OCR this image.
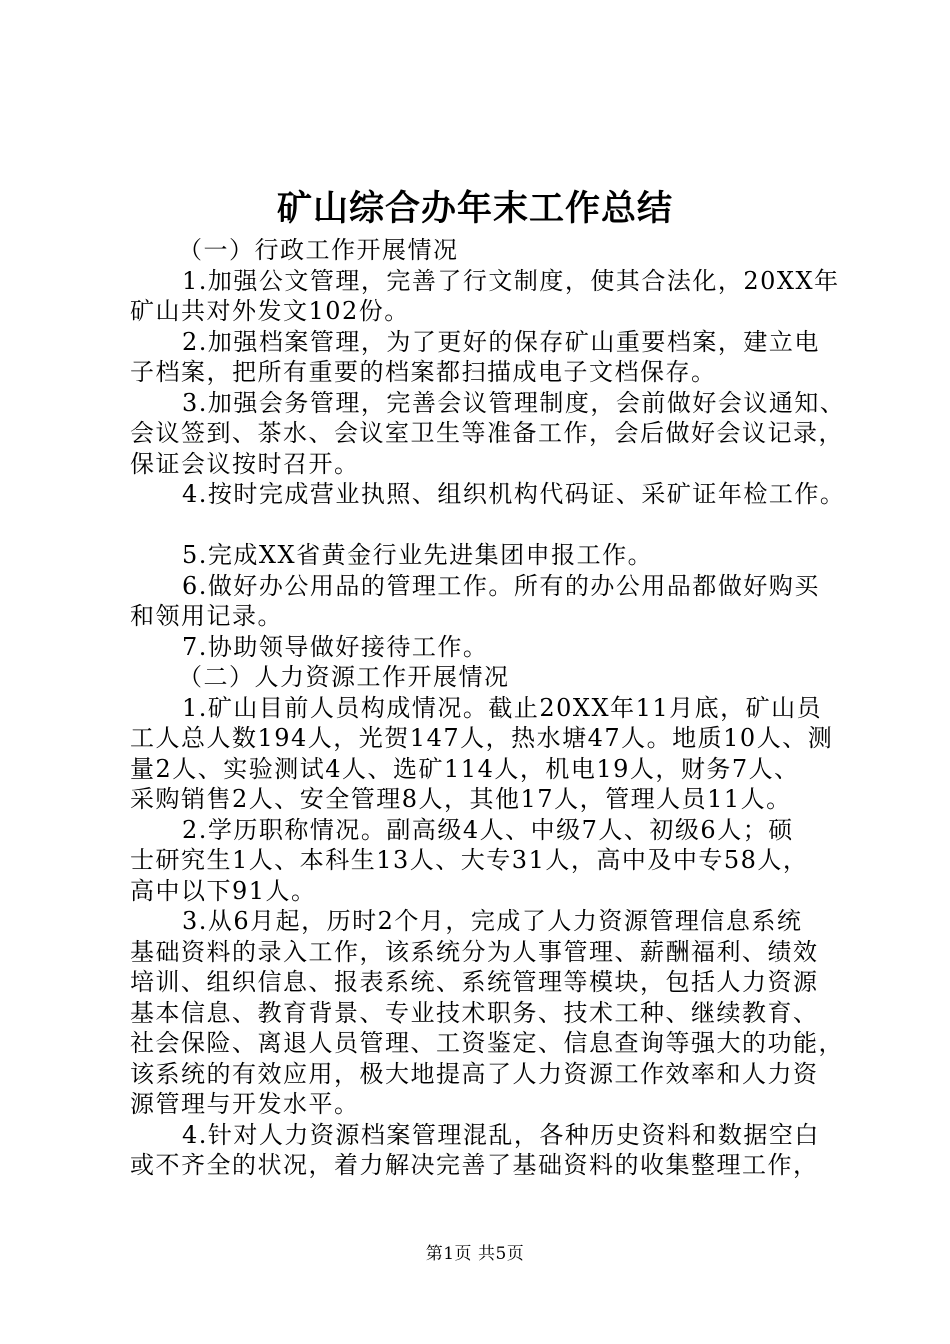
矿山综合办年末工作总结
（一）行政工作开展情况
1.加强公文管理，完善了行文制度，使其合法化，20XX年
矿山共对外发文102份。
2.加强档案管理，为了更好的保存矿山重要档案，建立电
子档案，把所有重要的档案都扫描成电子文档保存。
3.加强会务管理，完善会议管理制度，会前做好会议通知、
会议签到、茶水、会议室卫生等准备工作，会后做好会议记录，
保证会议按时召开。
4.按时完成营业执照、组织机构代码证、采矿证年检工作。
5.完成XX省黄金行业先进集团申报工作。
6.做好办公用品的管理工作。所有的办公用品都做好购买
和领用记录。
7.协助领导做好接待工作。
（二）人力资源工作开展情况
1.矿山目前人员构成情况。截止20XX年11月底，矿山员
工人总人数194人，光贺147人，热水塘47人。地质10人、测
量2人、实验测试4人、选矿114人，机电19人，财务7人、
采购销售2人、安全管理8人，其他17人，管理人员11人。
2.学历职称情况。副高级4人、中级7人、初级6人；硕
士研究生1人、本科生13人、大专31人，高中及中专58人，
高中以下91人。
3.从6月起，历时2个月，完成了人力资源管理信息系统
基础资料的录入工作，该系统分为人事管理、薪酬福利、绩效
培训、组织信息、报表系统、系统管理等模块，包括人力资源
基本信息、教育背景、专业技术职务、技术工种、继续教育、
社会保险、离退人员管理、工资鉴定、信息查询等强大的功能，
该系统的有效应用，极大地提高了人力资源工作效率和人力资
源管理与开发水平。
4.针对人力资源档案管理混乱，各种历史资料和数据空白
或不齐全的状况，着力解决完善了基础资料的收集整理工作，
第1页 共5页
